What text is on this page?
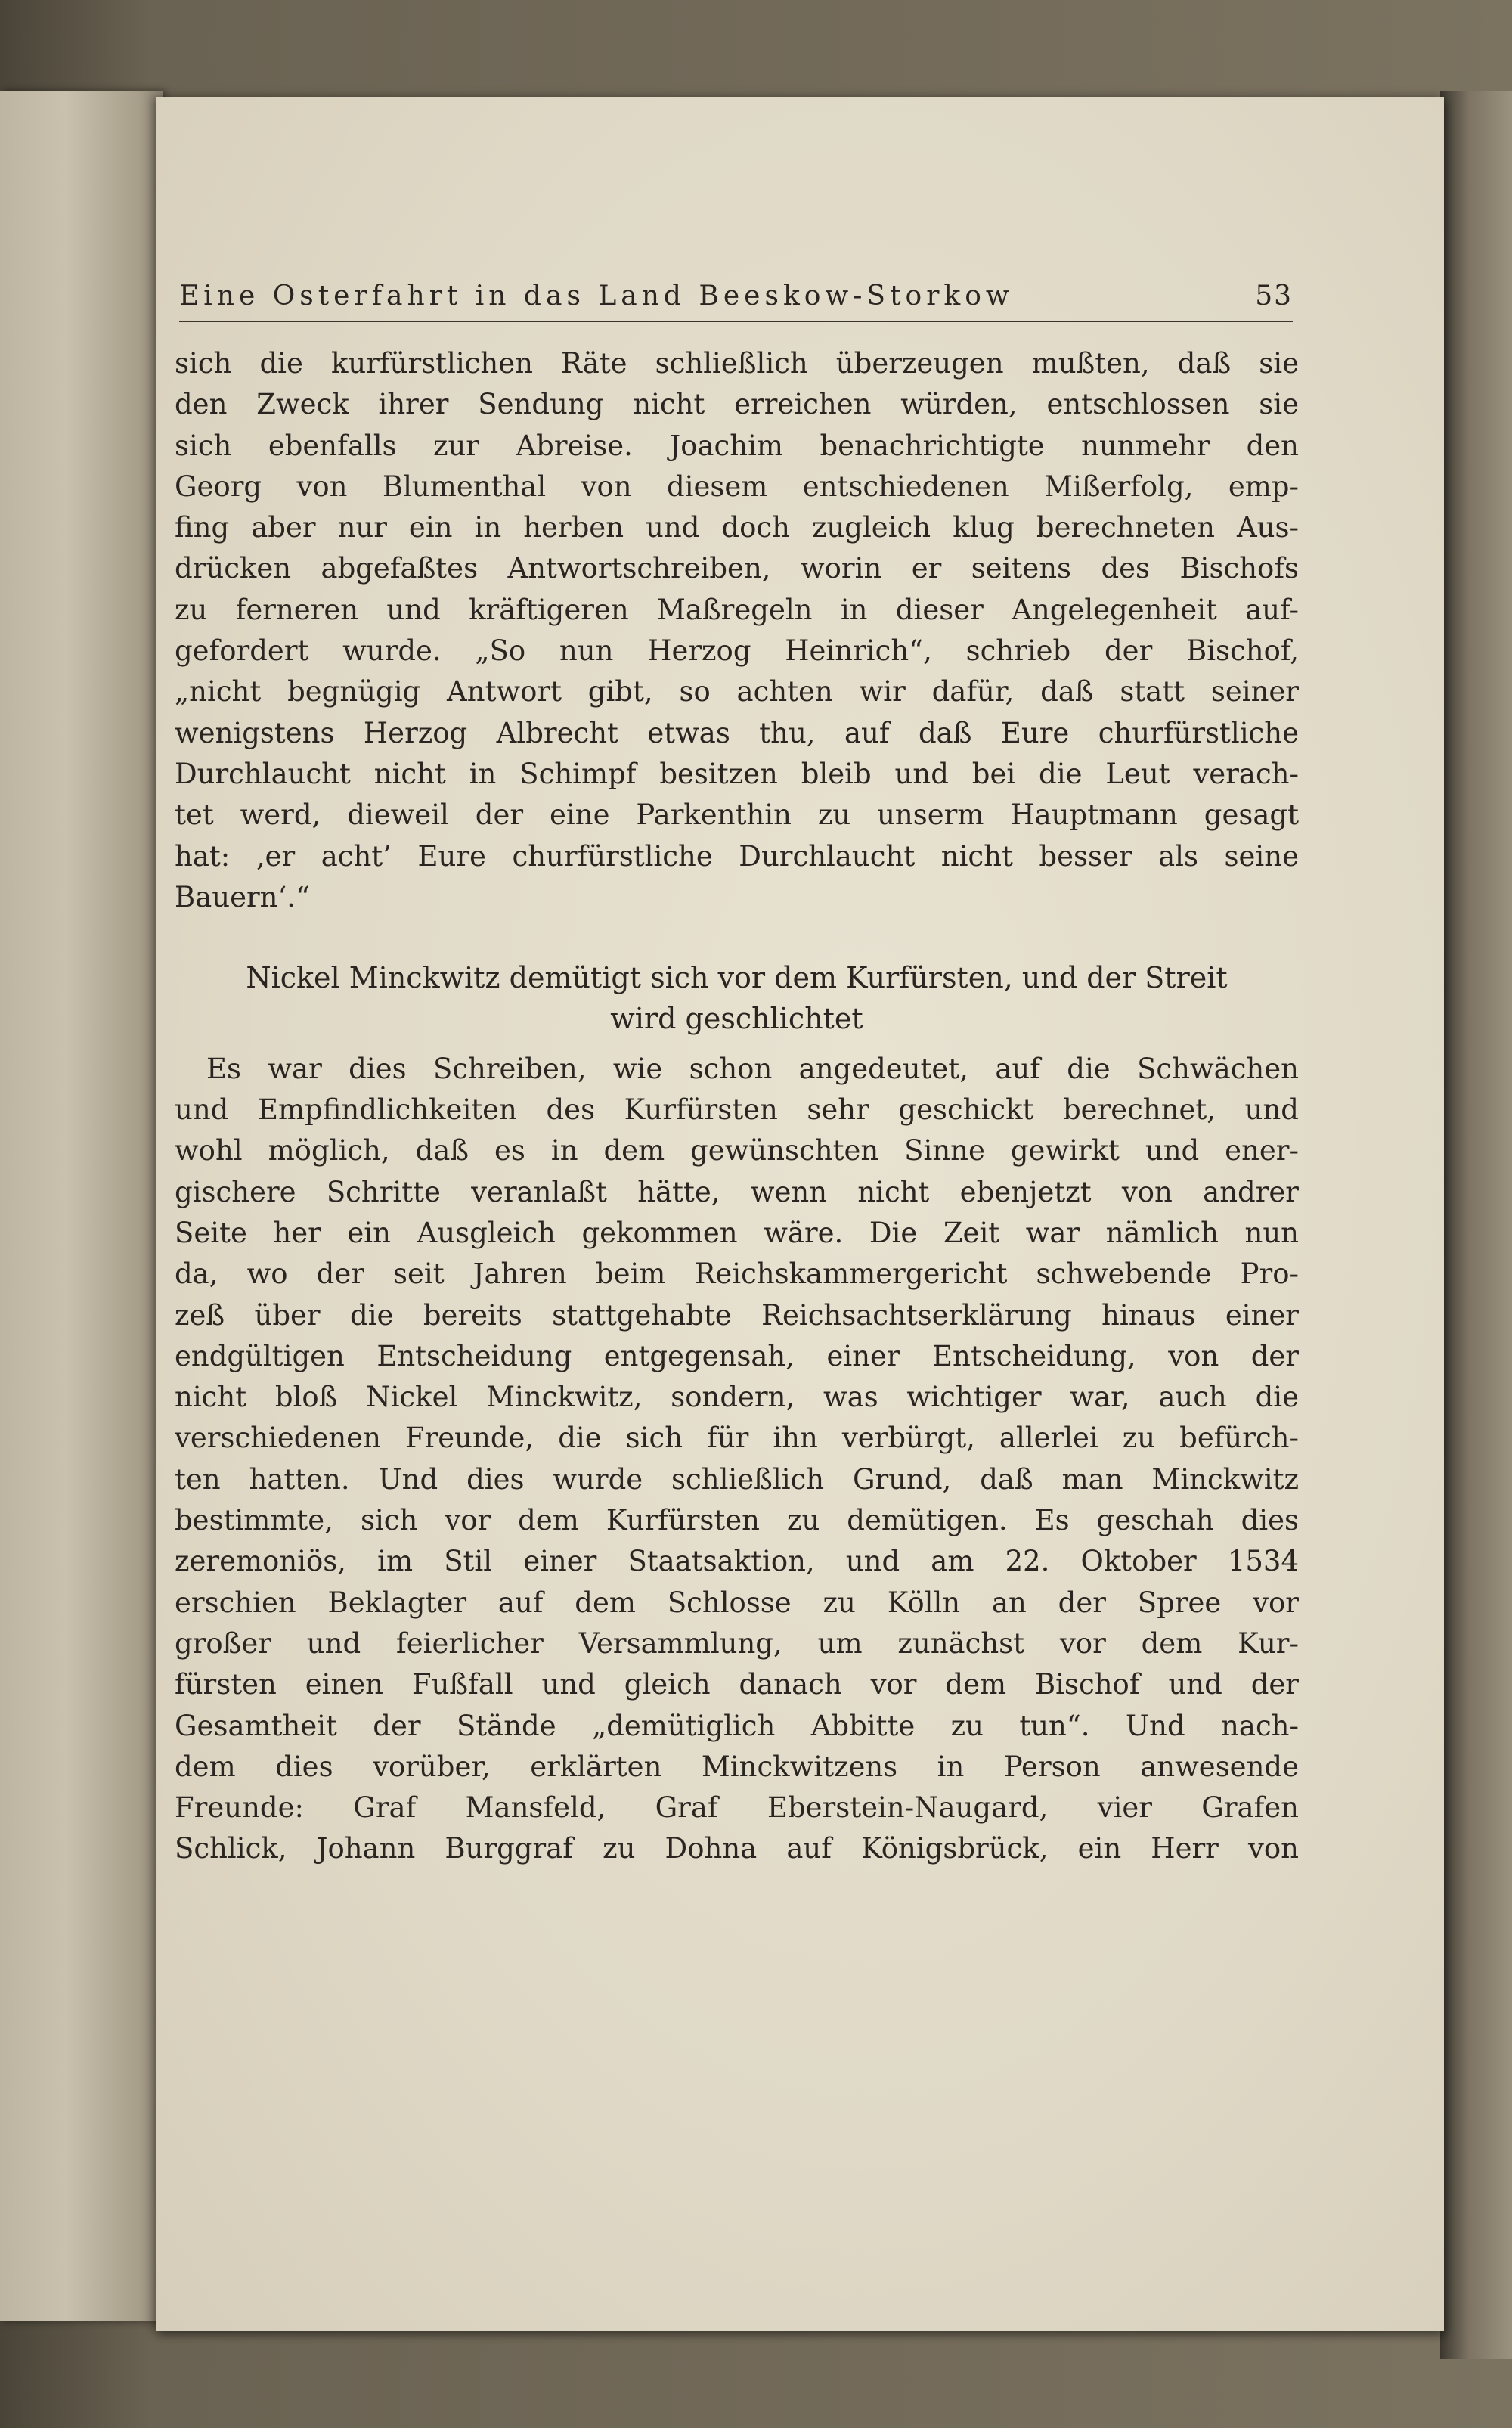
Eine Osterfahrt in das Land Beeskow-Storkow	53
sich die kurfürstlichen Räte schließlich überzeugen mußten, daß sie
den Zweck ihrer Sendung nicht erreichen würden, entschlossen sie
sich ebenfalls zur Abreise. Joachim benachrichtigte nunmehr den
Georg von Blumenthal von diesem entschiedenen Mißerfolg, emp-
fing aber nur ein in herben und doch zugleich klug berechneten Aus-
drücken abgefaßtes Antwortschreiben, worin er seitens des Bischofs
zu ferneren und kräftigeren Maßregeln in dieser Angelegenheit auf-
gefordert wurde. „So nun Herzog Heinrich“, schrieb der Bischof,
„nicht begnügig Antwort gibt, so achten wir dafür, daß statt seiner
wenigstens Herzog Albrecht etwas thu, auf daß Eure churfürstliche
Durchlaucht nicht in Schimpf besitzen bleib und bei die Leut verach-
tet werd, dieweil der eine Parkenthin zu unserm Hauptmann gesagt
hat: ‚er acht’ Eure churfürstliche Durchlaucht nicht besser als seine
Bauern‘.“
Nickel Minckwitz demütigt sich vor dem Kurfürsten, und der Streit
wird geschlichtet
Es war dies Schreiben, wie schon angedeutet, auf die Schwächen
und Empfindlichkeiten des Kurfürsten sehr geschickt berechnet, und
wohl möglich, daß es in dem gewünschten Sinne gewirkt und ener-
gischere Schritte veranlaßt hätte, wenn nicht ebenjetzt von andrer
Seite her ein Ausgleich gekommen wäre. Die Zeit war nämlich nun
da, wo der seit Jahren beim Reichskammergericht schwebende Pro-
zeß über die bereits stattgehabte Reichsachtserklärung hinaus einer
endgültigen Entscheidung entgegensah, einer Entscheidung, von der
nicht bloß Nickel Minckwitz, sondern, was wichtiger war, auch die
verschiedenen Freunde, die sich für ihn verbürgt, allerlei zu befürch-
ten hatten. Und dies wurde schließlich Grund, daß man Minckwitz
bestimmte, sich vor dem Kurfürsten zu demütigen. Es geschah dies
zeremoniös, im Stil einer Staatsaktion, und am 22. Oktober 1534
erschien Beklagter auf dem Schlosse zu Kölln an der Spree vor
großer und feierlicher Versammlung, um zunächst vor dem Kur-
fürsten einen Fußfall und gleich danach vor dem Bischof und der
Gesamtheit der Stände „demütiglich Abbitte zu tun“. Und nach-
dem dies vorüber, erklärten Minckwitzens in Person anwesende
Freunde: Graf Mansfeld, Graf Eberstein-Naugard, vier Grafen
Schlick, Johann Burggraf zu Dohna auf Königsbrück, ein Herr von
